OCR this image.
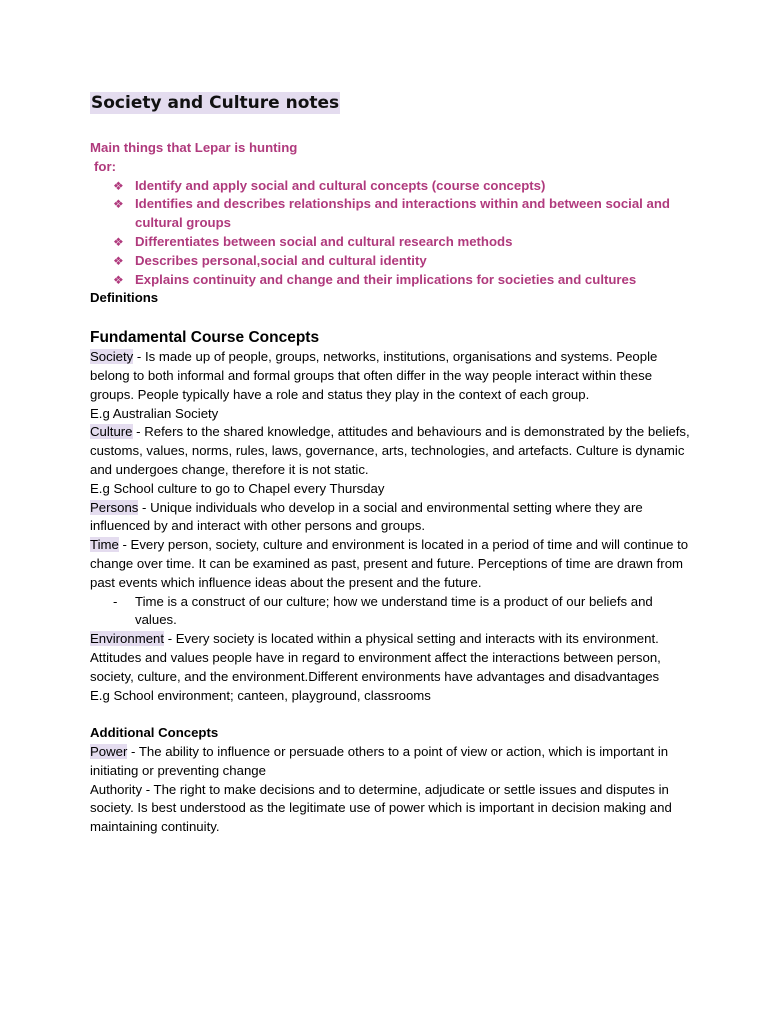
Society and Culture notes

Main things that Lepar is hunting
for:

❖ Identify and apply social and cultural concepts (course concepts)
❖ Identifies and describes relationships and interactions within and between social and cultural groups
❖ Differentiates between social and cultural research methods
❖ Describes personal,social and cultural identity
❖ Explains continuity and change and their implications for societies and cultures

Definitions

Fundamental Course Concepts

Society - Is made up of people, groups, networks, institutions, organisations and systems. People belong to both informal and formal groups that often differ in the way people interact within these groups. People typically have a role and status they play in the context of each group.

E.g Australian Society

Culture - Refers to the shared knowledge, attitudes and behaviours and is demonstrated by the beliefs, customs, values, norms, rules, laws, governance, arts, technologies, and artefacts. Culture is dynamic and undergoes change, therefore it is not static.

E.g School culture to go to Chapel every Thursday

Persons - Unique individuals who develop in a social and environmental setting where they are influenced by and interact with other persons and groups.

Time - Every person, society, culture and environment is located in a period of time and will continue to change over time. It can be examined as past, present and future. Perceptions of time are drawn from past events which influence ideas about the present and the future.

- Time is a construct of our culture; how we understand time is a product of our beliefs and values.

Environment - Every society is located within a physical setting and interacts with its environment. Attitudes and values people have in regard to environment affect the interactions between person, society, culture, and the environment.Different environments have advantages and disadvantages

E.g School environment; canteen, playground, classrooms

Additional Concepts

Power - The ability to influence or persuade others to a point of view or action, which is important in initiating or preventing change

Authority - The right to make decisions and to determine, adjudicate or settle issues and disputes in society. Is best understood as the legitimate use of power which is important in decision making and maintaining continuity.
